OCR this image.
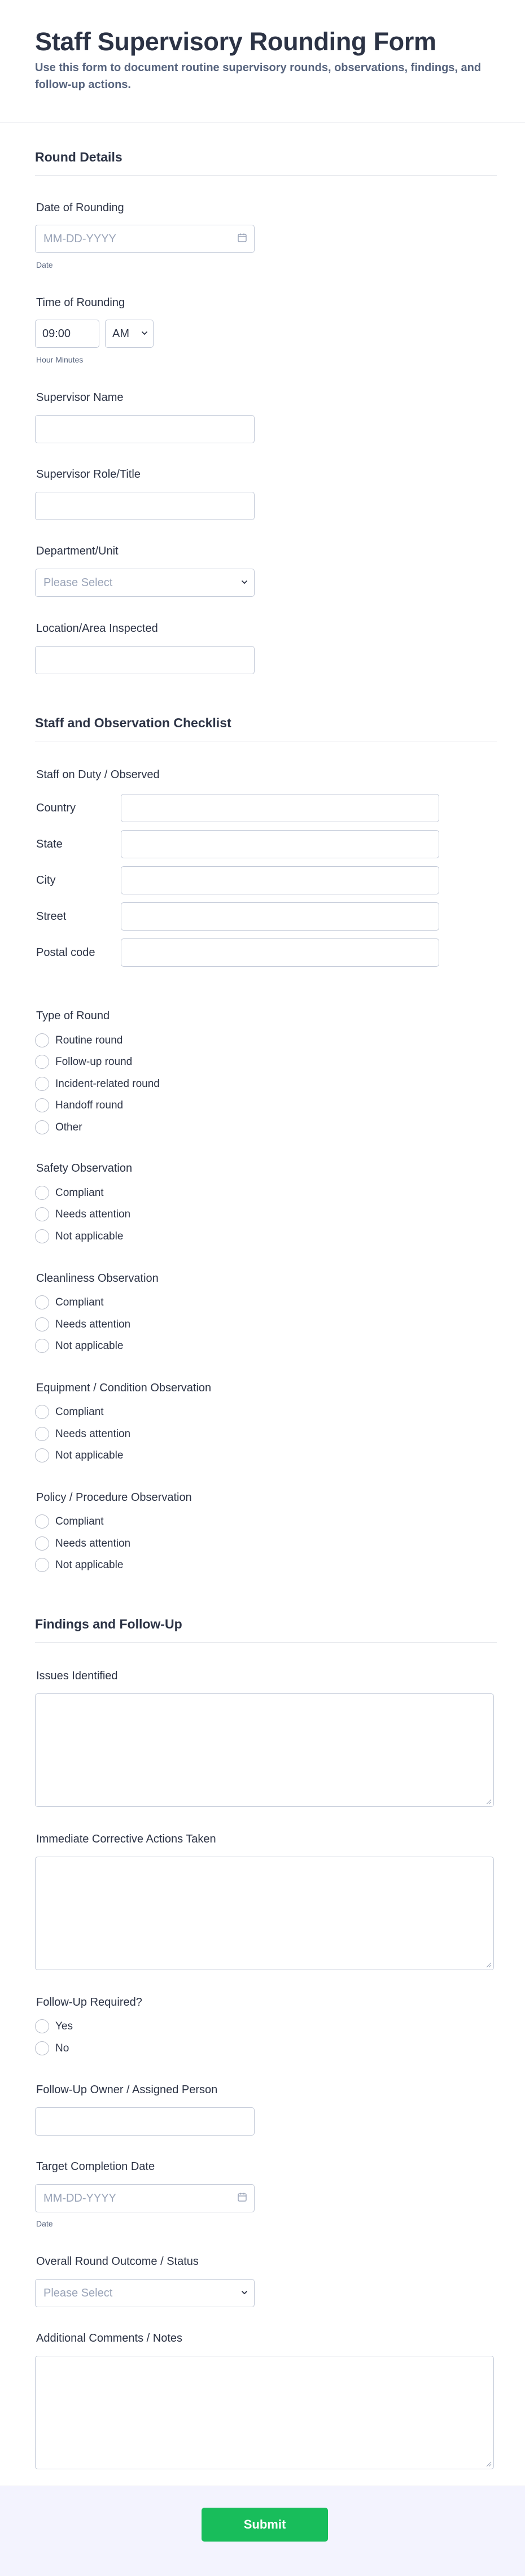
Staff Supervisory Rounding Form

Use this form to document routine supervisory rounds, observations, findings, and follow-up actions.

Round Details
Date of Rounding
MM-DD-YYYY
Date
Time of Rounding
09:00	AM
Hour Minutes
Supervisor Name
Supervisor Role/Title
Department/Unit
Please Select
Location/Area Inspected
Staff and Observation Checklist
Staff on Duty / Observed
Country
State
City
Street
Postal code
Type of Round
Routine round
Follow-up round
Incident-related round
Handoff round
Other
Safety Observation
Compliant
Needs attention
Not applicable
Cleanliness Observation
Compliant
Needs attention
Not applicable
Equipment / Condition Observation
Compliant
Needs attention
Not applicable
Policy / Procedure Observation
Compliant
Needs attention
Not applicable
Findings and Follow-Up
Issues Identified
Immediate Corrective Actions Taken
Follow-Up Required?
Yes
No
Follow-Up Owner / Assigned Person
Target Completion Date
MM-DD-YYYY
Date
Overall Round Outcome / Status
Please Select
Additional Comments / Notes
Submit
